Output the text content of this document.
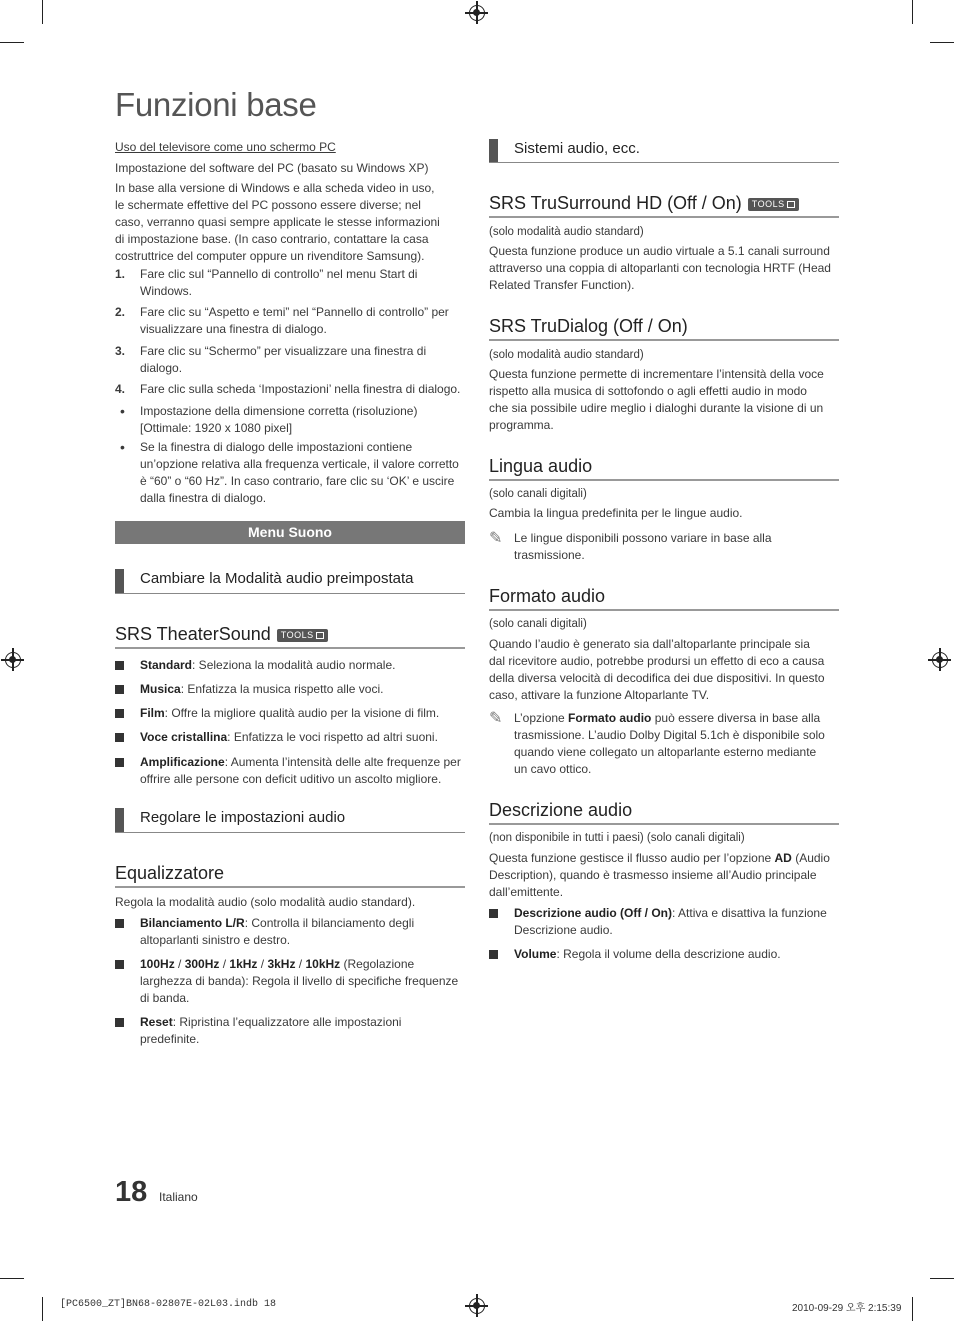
Funzioni base
Uso del televisore come uno schermo PC
Impostazione del software del PC (basato su Windows XP)
In base alla versione di Windows e alla scheda video in uso,
le schermate effettive del PC possono essere diverse; nel
caso, verranno quasi sempre applicate le stesse informazioni
di impostazione base. (In caso contrario, contattare la casa
costruttrice del computer oppure un rivenditore Samsung).
1. Fare clic sul “Pannello di controllo” nel menu Start di
Windows.
2. Fare clic su “Aspetto e temi” nel “Pannello di controllo” per
visualizzare una finestra di dialogo.
3. Fare clic su “Schermo” per visualizzare una finestra di
dialogo.
4. Fare clic sulla scheda ‘Impostazioni’ nella finestra di dialogo.
• Impostazione della dimensione corretta (risoluzione)
[Ottimale: 1920 x 1080 pixel]
• Se la finestra di dialogo delle impostazioni contiene
un’opzione relativa alla frequenza verticale, il valore corretto
è “60” o “60 Hz”. In caso contrario, fare clic su ‘OK’ e uscire
dalla finestra di dialogo.
Menu Suono
Cambiare la Modalità audio preimpostata
SRS TheaterSound TOOLS
Standard: Seleziona la modalità audio normale.
Musica: Enfatizza la musica rispetto alle voci.
Film: Offre la migliore qualità audio per la visione di film.
Voce cristallina: Enfatizza le voci rispetto ad altri suoni.
Amplificazione: Aumenta l’intensità delle alte frequenze per
offrire alle persone con deficit uditivo un ascolto migliore.
Regolare le impostazioni audio
Equalizzatore
Regola la modalità audio (solo modalità audio standard).
Bilanciamento L/R: Controlla il bilanciamento degli
altoparlanti sinistro e destro.
100Hz / 300Hz / 1kHz / 3kHz / 10kHz (Regolazione
larghezza di banda): Regola il livello di specifiche frequenze
di banda.
Reset: Ripristina l’equalizzatore alle impostazioni
predefinite.
18 Italiano
Sistemi audio, ecc.
SRS TruSurround HD (Off / On) TOOLS
(solo modalità audio standard)
Questa funzione produce un audio virtuale a 5.1 canali surround
attraverso una coppia di altoparlanti con tecnologia HRTF (Head
Related Transfer Function).
SRS TruDialog (Off / On)
(solo modalità audio standard)
Questa funzione permette di incrementare l’intensità della voce
rispetto alla musica di sottofondo o agli effetti audio in modo
che sia possibile udire meglio i dialoghi durante la visione di un
programma.
Lingua audio
(solo canali digitali)
Cambia la lingua predefinita per le lingue audio.
✎ Le lingue disponibili possono variare in base alla
trasmissione.
Formato audio
(solo canali digitali)
Quando l’audio è generato sia dall’altoparlante principale sia
dal ricevitore audio, potrebbe prodursi un effetto di eco a causa
della diversa velocità di decodifica dei due dispositivi. In questo
caso, attivare la funzione Altoparlante TV.
✎ L’opzione Formato audio può essere diversa in base alla
trasmissione. L’audio Dolby Digital 5.1ch è disponibile solo
quando viene collegato un altoparlante esterno mediante
un cavo ottico.
Descrizione audio
(non disponibile in tutti i paesi) (solo canali digitali)
Questa funzione gestisce il flusso audio per l’opzione AD (Audio
Description), quando è trasmesso insieme all’Audio principale
dall’emittente.
Descrizione audio (Off / On): Attiva e disattiva la funzione
Descrizione audio.
Volume: Regola il volume della descrizione audio.
[PC6500_ZT]BN68-02807E-02L03.indb 18	2010-09-29 오후 2:15:39
